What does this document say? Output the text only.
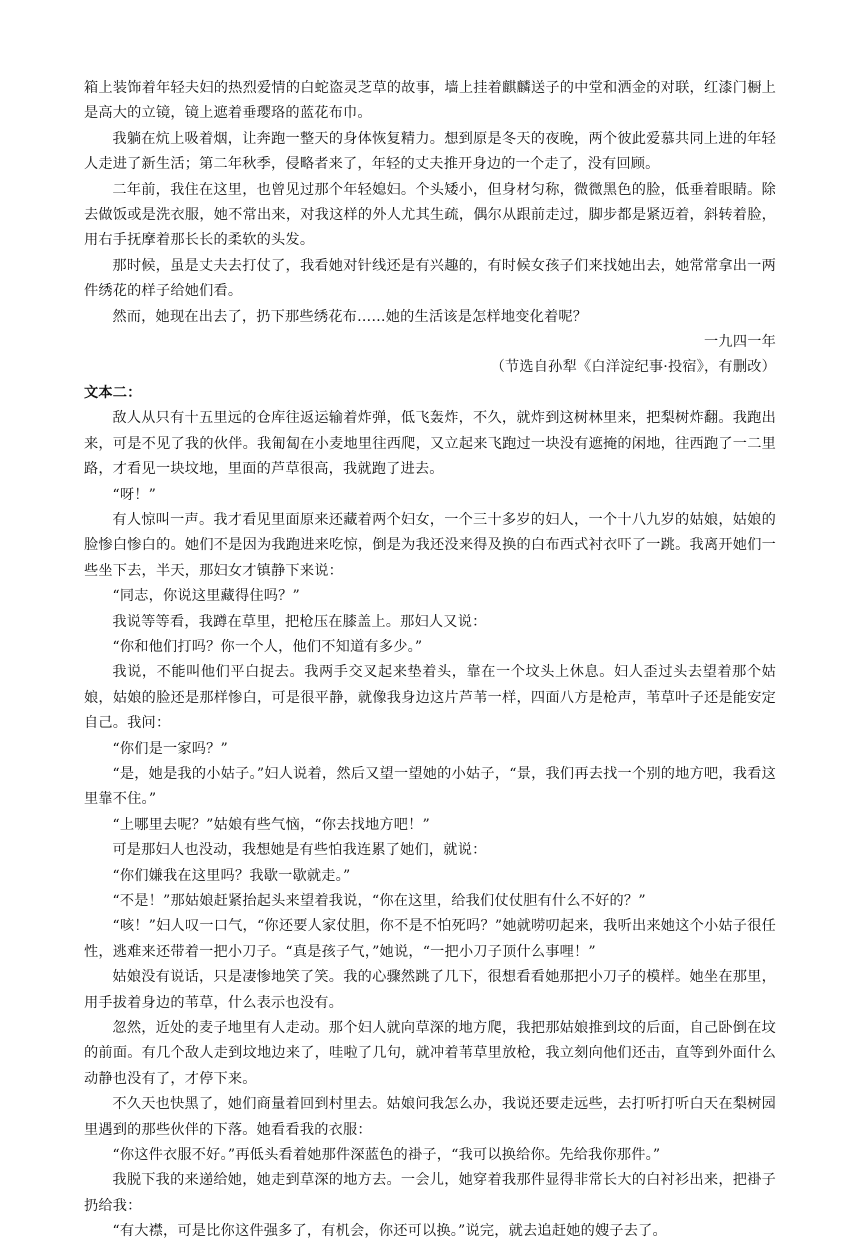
箱上装饰着年轻夫妇的热烈爱情的白蛇盗灵芝草的故事，墙上挂着麒麟送子的中堂和洒金的对联，红漆门橱上是高大的立镜，镜上遮着垂璎珞的蓝花布巾。

我躺在炕上吸着烟，让奔跑一整天的身体恢复精力。想到原是冬天的夜晚，两个彼此爱慕共同上进的年轻人走进了新生活；第二年秋季，侵略者来了，年轻的丈夫推开身边的一个走了，没有回顾。

二年前，我住在这里，也曾见过那个年轻媳妇。个头矮小，但身材匀称，微微黑色的脸，低垂着眼睛。除去做饭或是洗衣服，她不常出来，对我这样的外人尤其生疏，偶尔从跟前走过，脚步都是紧迈着，斜转着脸，用右手抚摩着那长长的柔软的头发。

那时候，虽是丈夫去打仗了，我看她对针线还是有兴趣的，有时候女孩子们来找她出去，她常常拿出一两件绣花的样子给她们看。

然而，她现在出去了，扔下那些绣花布……她的生活该是怎样地变化着呢？

一九四一年

（节选自孙犁《白洋淀纪事·投宿》，有删改）

文本二：

敌人从只有十五里远的仓库往返运输着炸弹，低飞轰炸，不久，就炸到这树林里来，把梨树炸翻。我跑出来，可是不见了我的伙伴。我匍匐在小麦地里往西爬，又立起来飞跑过一块没有遮掩的闲地，往西跑了一二里路，才看见一块坟地，里面的芦草很高，我就跑了进去。

“呀！”

有人惊叫一声。我才看见里面原来还藏着两个妇女，一个三十多岁的妇人，一个十八九岁的姑娘，姑娘的脸惨白惨白的。她们不是因为我跑进来吃惊，倒是为我还没来得及换的白布西式衬衣吓了一跳。我离开她们一些坐下去，半天，那妇女才镇静下来说：

“同志，你说这里藏得住吗？”

我说等等看，我蹲在草里，把枪压在膝盖上。那妇人又说：

“你和他们打吗？你一个人，他们不知道有多少。”

我说，不能叫他们平白捉去。我两手交叉起来垫着头，靠在一个坟头上休息。妇人歪过头去望着那个姑娘，姑娘的脸还是那样惨白，可是很平静，就像我身边这片芦苇一样，四面八方是枪声，苇草叶子还是能安定自己。我问：

“你们是一家吗？”

“是，她是我的小姑子。”妇人说着，然后又望一望她的小姑子，“景，我们再去找一个别的地方吧，我看这里靠不住。”

“上哪里去呢？”姑娘有些气恼，“你去找地方吧！”

可是那妇人也没动，我想她是有些怕我连累了她们，就说：

“你们嫌我在这里吗？我歇一歇就走。”

“不是！”那姑娘赶紧抬起头来望着我说，“你在这里，给我们仗仗胆有什么不好的？”

“咳！”妇人叹一口气，“你还要人家仗胆，你不是不怕死吗？”她就唠叨起来，我听出来她这个小姑子很任性，逃难来还带着一把小刀子。“真是孩子气，”她说，“一把小刀子顶什么事哩！”

姑娘没有说话，只是凄惨地笑了笑。我的心骤然跳了几下，很想看看她那把小刀子的模样。她坐在那里，用手拔着身边的苇草，什么表示也没有。

忽然，近处的麦子地里有人走动。那个妇人就向草深的地方爬，我把那姑娘推到坟的后面，自己卧倒在坟的前面。有几个敌人走到坟地边来了，哇啦了几句，就冲着苇草里放枪，我立刻向他们还击，直等到外面什么动静也没有了，才停下来。

不久天也快黑了，她们商量着回到村里去。姑娘问我怎么办，我说还要走远些，去打听打听白天在梨树园里遇到的那些伙伴的下落。她看看我的衣服：

“你这件衣服不好。”再低头看着她那件深蓝色的褂子，“我可以换给你。先给我你那件。”

我脱下我的来递给她，她走到草深的地方去。一会儿，她穿着我那件显得非常长大的白衬衫出来，把褂子扔给我：

“有大襟，可是比你这件强多了，有机会，你还可以换。”说完，就去追赶她的嫂子去了。
